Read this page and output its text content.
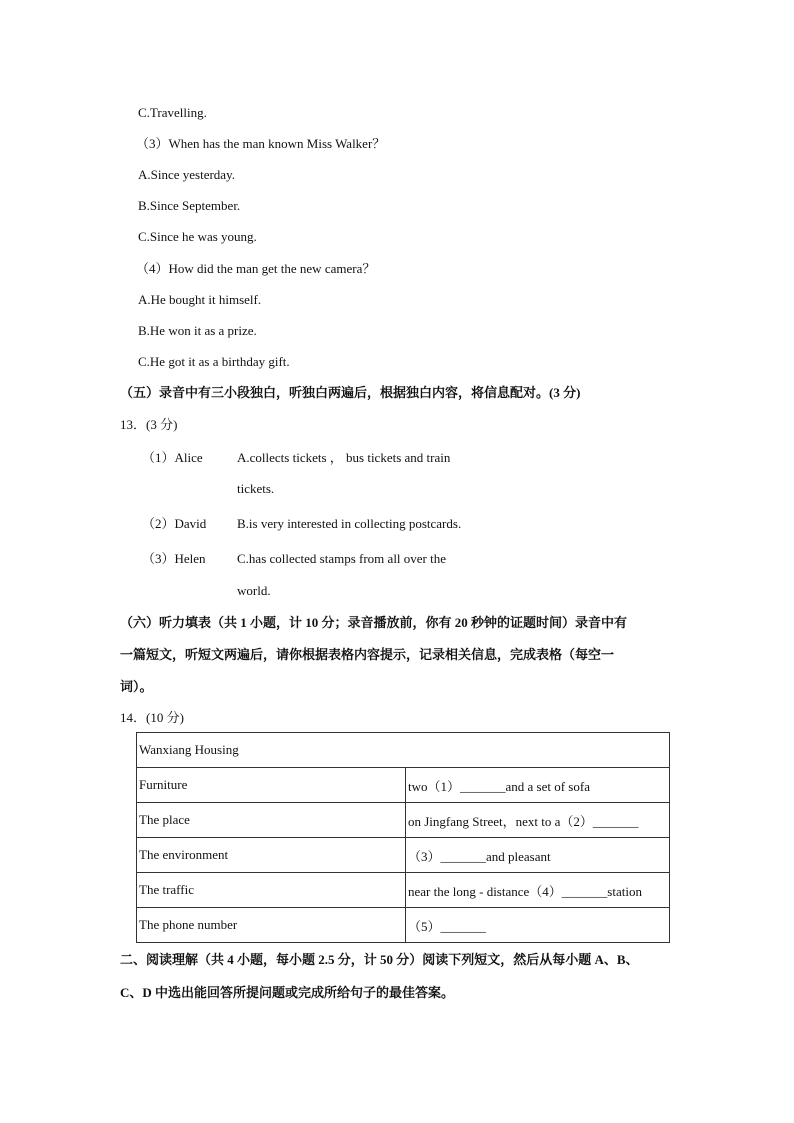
C.Travelling.
（3）When has the man known Miss Walker？
A.Since yesterday.
B.Since September.
C.Since he was young.
（4）How did the man get the new camera？
A.He bought it himself.
B.He won it as a prize.
C.He got it as a birthday gift.
（五）录音中有三小段独白，听独白两遍后，根据独白内容，将信息配对。(3 分)
13．(3 分)
（1）Alice	A.collects tickets ， bus tickets and train
tickets.
（2）David B.is very interested in collecting postcards.
（3）Helen C.has collected stamps from all over the
world.
（六）听力填表（共 1 小题，计 10 分；录音播放前，你有 20 秒钟的证题时间）录音中有
一篇短文，听短文两遍后，请你根据表格内容提示，记录相关信息，完成表格（每空一
词）。
14．(10 分)
Wanxiang Housing	
Furniture	two（1）_______and a set of sofa
The place	on Jingfang Street，next to a（2）_______
The environment	（3）_______and pleasant
The traffic	near the long - distance（4）_______station
The phone number	（5）_______
二、阅读理解（共 4 小题，每小题 2.5 分，计 50 分）阅读下列短文，然后从每小题 A、B、
C、D 中选出能回答所提问题或完成所给句子的最佳答案。
